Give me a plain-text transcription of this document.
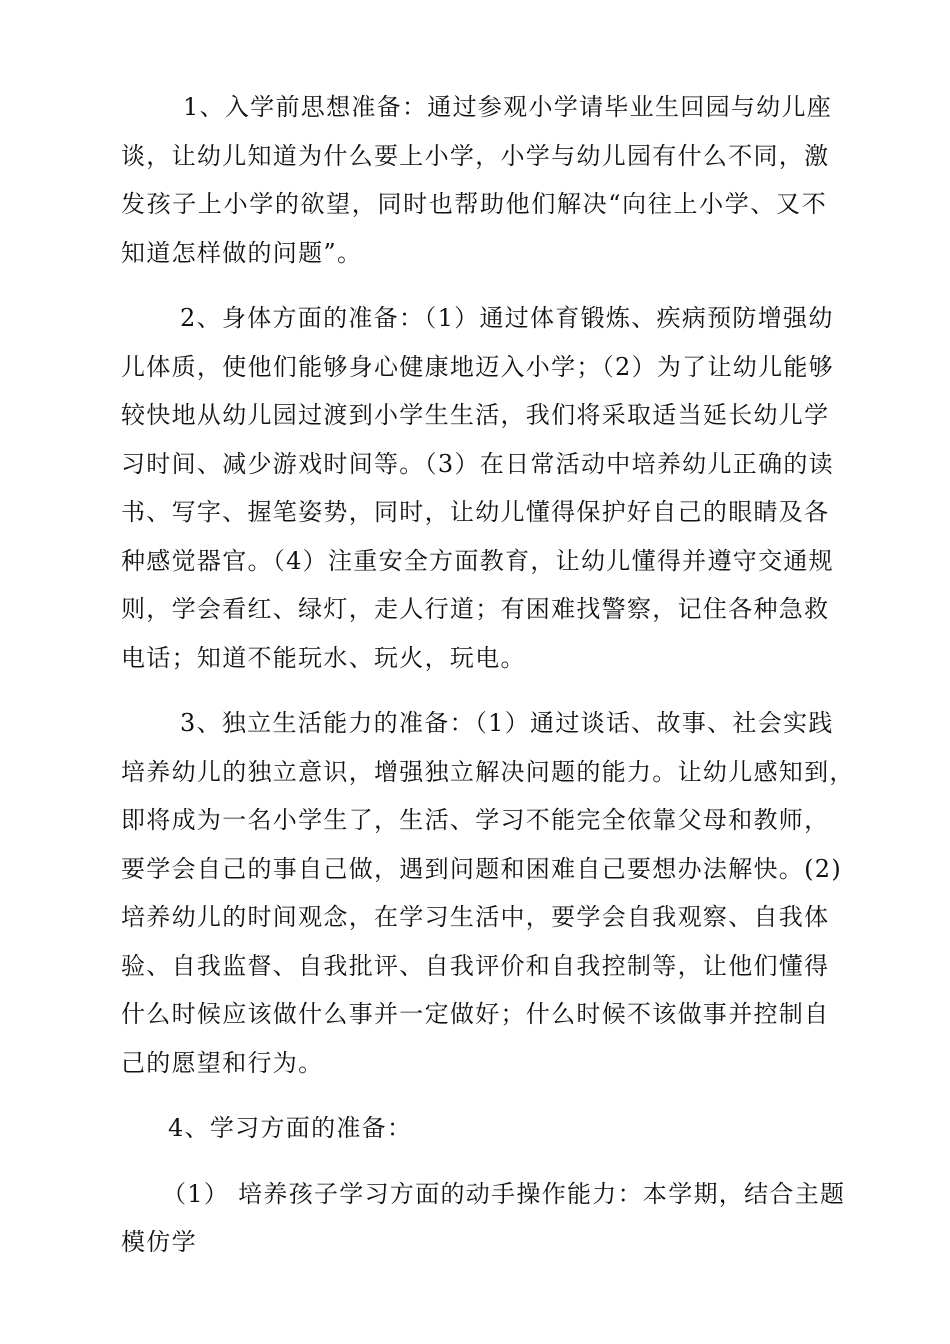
1、入学前思想准备：通过参观小学请毕业生回园与幼儿座
谈，让幼儿知道为什么要上小学，小学与幼儿园有什么不同，激
发孩子上小学的欲望，同时也帮助他们解决“向往上小学、又不
知道怎样做的问题”。

2、身体方面的准备：（1）通过体育锻炼、疾病预防增强幼
儿体质，使他们能够身心健康地迈入小学；（2）为了让幼儿能够
较快地从幼儿园过渡到小学生生活，我们将采取适当延长幼儿学
习时间、减少游戏时间等。（3）在日常活动中培养幼儿正确的读
书、写字、握笔姿势，同时，让幼儿懂得保护好自己的眼睛及各
种感觉器官。（4）注重安全方面教育，让幼儿懂得并遵守交通规
则，学会看红、绿灯，走人行道；有困难找警察，记住各种急救
电话；知道不能玩水、玩火，玩电。

3、独立生活能力的准备：（1）通过谈话、故事、社会实践
培养幼儿的独立意识，增强独立解决问题的能力。让幼儿感知到，
即将成为一名小学生了，生活、学习不能完全依靠父母和教师，
要学会自己的事自己做，遇到问题和困难自己要想办法解快。(2)
培养幼儿的时间观念，在学习生活中，要学会自我观察、自我体
验、自我监督、自我批评、自我评价和自我控制等，让他们懂得
什么时候应该做什么事并一定做好；什么时候不该做事并控制自
己的愿望和行为。

4、学习方面的准备：

（1） 培养孩子学习方面的动手操作能力：本学期，结合主题
模仿学
